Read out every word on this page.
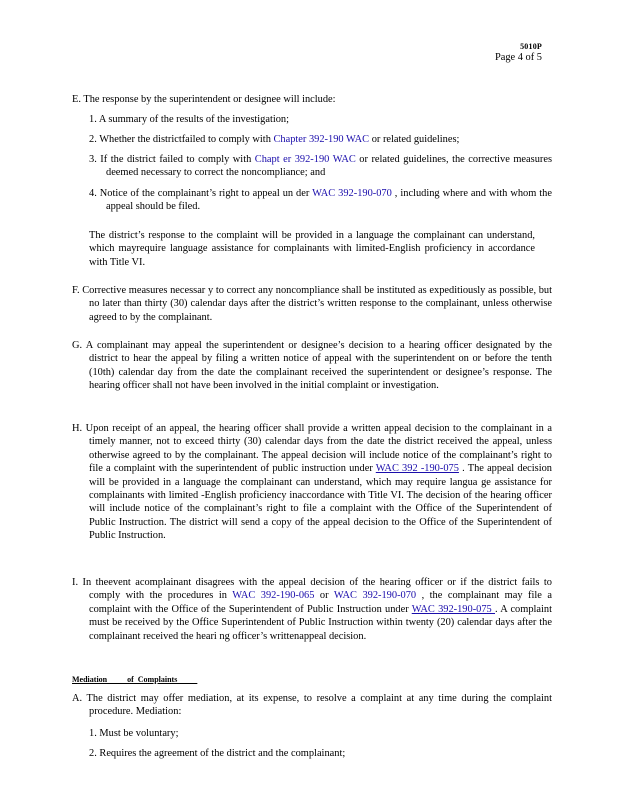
5010P
Page 4 of 5
E. The response by the superintendent or designee will include:
1. A summary of the results of the investigation;
2. Whether the districtfailed to comply with Chapter 392-190 WAC or related guidelines;
3. If the district failed to comply with Chapt er 392-190 WAC or related guidelines, the corrective measures deemed necessary to correct the noncompliance; and
4. Notice of the complainant’s right to appeal un der WAC 392-190-070 , including where and with whom the appeal should be filed.
The district’s response to the complaint will be provided in a language the complainant can understand, which mayrequire language assistance for complainants with limited-English proficiency in accordance with Title VI.
F. Corrective measures necessar y to correct any noncompliance shall be instituted as expeditiously as possible, but no later than thirty (30) calendar days after the district’s written response to the complainant, unless otherwise agreed to by the complainant.
G. A complainant may appeal the superintendent or designee’s decision to a hearing officer designated by the district to hear the appeal by filing a written notice of appeal with the superintendent on or before the tenth (10th) calendar day from the date the complainant received the superintendent or designee’s response. The hearing officer shall not have been involved in the initial complaint or investigation.
H. Upon receipt of an appeal, the hearing officer shall provide a written appeal decision to the complainant in a timely manner, not to exceed thirty (30) calendar days from the date the district received the appeal, unless otherwise agreed to by the complainant. The appeal decision will include notice of the complainant’s right to file a complaint with the superintendent of public instruction under WAC 392 -190-075 . The appeal decision will be provided in a language the complainant can understand, which may require langua ge assistance for complainants with limited -English proficiency inaccordance with Title VI. The decision of the hearing officer will include notice of the complainant’s right to file a complaint with the Office of the Superintendent of Public Instruction. The district will send a copy of the appeal decision to the Office of the Superintendent of Public Instruction.
I. In theevent acomplainant disagrees with the appeal decision of the hearing officer or if the district fails to comply with the procedures in WAC 392-190-065 or WAC 392-190-070 , the complainant may file a complaint with the Office of the Superintendent of Public Instruction under WAC 392-190-075 . A complaint must be received by the Office Superintendent of Public Instruction within twenty (20) calendar days after the complainant received the heari ng officer’s writtenappeal decision.
Mediation          of  Complaints
A. The district may offer mediation, at its expense, to resolve a complaint at any time during the complaint procedure. Mediation:
1. Must be voluntary;
2. Requires the agreement of the district and the complainant;
